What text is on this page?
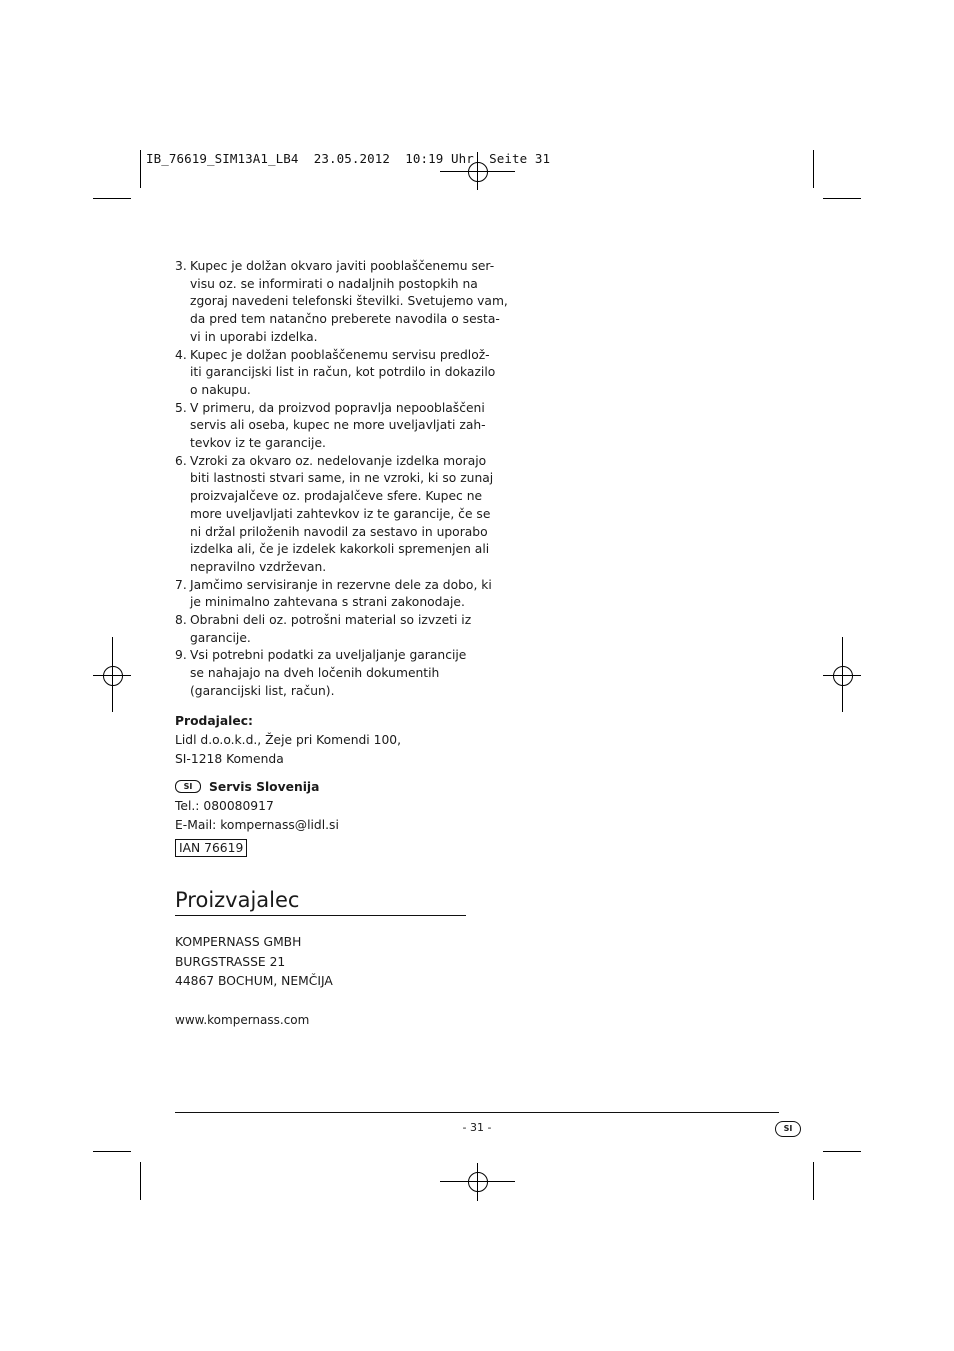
IB_76619_SIM13A1_LB4  23.05.2012  10:19 Uhr  Seite 31
3. Kupec je dolžan okvaro javiti pooblaščenemu ser-
visu oz. se informirati o nadaljnih postopkih na
zgoraj navedeni telefonski številki. Svetujemo vam,
da pred tem natančno preberete navodila o sesta-
vi in uporabi izdelka.
4. Kupec je dolžan pooblaščenemu servisu predlož-
iti garancijski list in račun, kot potrdilo in dokazilo
o nakupu.
5. V primeru, da proizvod popravlja nepooblaščeni
servis ali oseba, kupec ne more uveljavljati zah-
tevkov iz te garancije.
6. Vzroki za okvaro oz. nedelovanje izdelka morajo
biti lastnosti stvari same, in ne vzroki, ki so zunaj
proizvajalčeve oz. prodajalčeve sfere. Kupec ne
more uveljavljati zahtevkov iz te garancije, če se
ni držal priloženih navodil za sestavo in uporabo
izdelka ali, če je izdelek kakorkoli spremenjen ali
nepravilno vzdrževan.
7. Jamčimo servisiranje in rezervne dele za dobo, ki
je minimalno zahtevana s strani zakonodaje.
8. Obrabni deli oz. potrošni material so izvzeti iz
garancije.
9. Vsi potrebni podatki za uveljaljanje garancije
se nahajajo na dveh ločenih dokumentih
(garancijski list, račun).
Prodajalec:
Lidl d.o.o.k.d., Žeje pri Komendi 100,
SI-1218 Komenda
SI Servis Slovenija
Tel.: 080080917
E-Mail: kompernass@lidl.si
IAN 76619
Proizvajalec
KOMPERNASS GMBH
BURGSTRASSE 21
44867 BOCHUM, NEMČIJA
www.kompernass.com
- 31 -	SI
